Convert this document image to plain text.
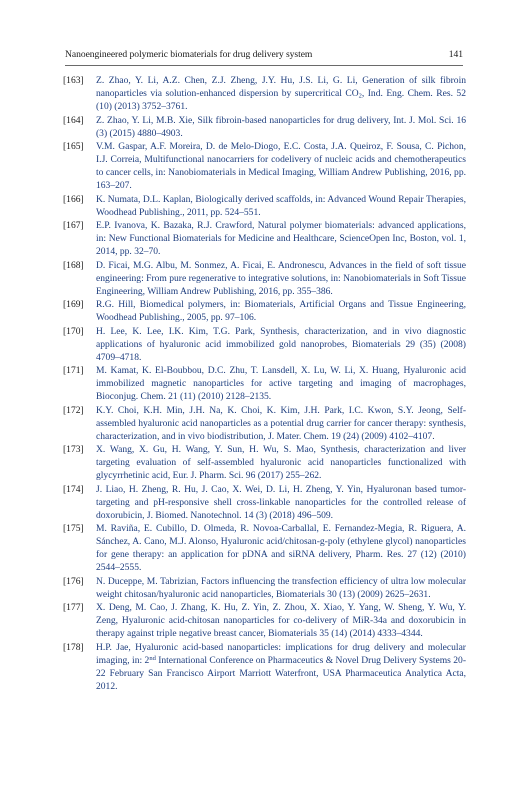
Nanoengineered polymeric biomaterials for drug delivery system	141
[163]	Z. Zhao, Y. Li, A.Z. Chen, Z.J. Zheng, J.Y. Hu, J.S. Li, G. Li, Generation of silk fibroin nanoparticles via solution-enhanced dispersion by supercritical $CO_2$, Ind. Eng. Chem. Res. 52 (10) (2013) 3752–3761.
[164]	Z. Zhao, Y. Li, M.B. Xie, Silk fibroin-based nanoparticles for drug delivery, Int. J. Mol. Sci. 16 (3) (2015) 4880–4903.
[165]	V.M. Gaspar, A.F. Moreira, D. de Melo-Diogo, E.C. Costa, J.A. Queiroz, F. Sousa, C. Pichon, I.J. Correia, Multifunctional nanocarriers for codelivery of nucleic acids and chemotherapeutics to cancer cells, in: Nanobiomaterials in Medical Imaging, William Andrew Publishing, 2016, pp. 163–207.
[166]	K. Numata, D.L. Kaplan, Biologically derived scaffolds, in: Advanced Wound Repair Therapies, Woodhead Publishing., 2011, pp. 524–551.
[167]	E.P. Ivanova, K. Bazaka, R.J. Crawford, Natural polymer biomaterials: advanced applications, in: New Functional Biomaterials for Medicine and Healthcare, ScienceOpen Inc, Boston, vol. 1, 2014, pp. 32–70.
[168]	D. Ficai, M.G. Albu, M. Sonmez, A. Ficai, E. Andronescu, Advances in the field of soft tissue engineering: From pure regenerative to integrative solutions, in: Nanobiomaterials in Soft Tissue Engineering, William Andrew Publishing, 2016, pp. 355–386.
[169]	R.G. Hill, Biomedical polymers, in: Biomaterials, Artificial Organs and Tissue Engineering, Woodhead Publishing., 2005, pp. 97–106.
[170]	H. Lee, K. Lee, I.K. Kim, T.G. Park, Synthesis, characterization, and in vivo diagnostic applications of hyaluronic acid immobilized gold nanoprobes, Biomaterials 29 (35) (2008) 4709–4718.
[171]	M. Kamat, K. El-Boubbou, D.C. Zhu, T. Lansdell, X. Lu, W. Li, X. Huang, Hyaluronic acid immobilized magnetic nanoparticles for active targeting and imaging of macrophages, Bioconjug. Chem. 21 (11) (2010) 2128–2135.
[172]	K.Y. Choi, K.H. Min, J.H. Na, K. Choi, K. Kim, J.H. Park, I.C. Kwon, S.Y. Jeong, Self-assembled hyaluronic acid nanoparticles as a potential drug carrier for cancer therapy: synthesis, characterization, and in vivo biodistribution, J. Mater. Chem. 19 (24) (2009) 4102–4107.
[173]	X. Wang, X. Gu, H. Wang, Y. Sun, H. Wu, S. Mao, Synthesis, characterization and liver targeting evaluation of self-assembled hyaluronic acid nanoparticles functionalized with glycyrrhetinic acid, Eur. J. Pharm. Sci. 96 (2017) 255–262.
[174]	J. Liao, H. Zheng, R. Hu, J. Cao, X. Wei, D. Li, H. Zheng, Y. Yin, Hyaluronan based tumor-targeting and pH-responsive shell cross-linkable nanoparticles for the controlled release of doxorubicin, J. Biomed. Nanotechnol. 14 (3) (2018) 496–509.
[175]	M. Raviña, E. Cubillo, D. Olmeda, R. Novoa-Carballal, E. Fernandez-Megia, R. Riguera, A. Sánchez, A. Cano, M.J. Alonso, Hyaluronic acid/chitosan-g-poly (ethylene glycol) nanoparticles for gene therapy: an application for pDNA and siRNA delivery, Pharm. Res. 27 (12) (2010) 2544–2555.
[176]	N. Duceppe, M. Tabrizian, Factors influencing the transfection efficiency of ultra low molecular weight chitosan/hyaluronic acid nanoparticles, Biomaterials 30 (13) (2009) 2625–2631.
[177]	X. Deng, M. Cao, J. Zhang, K. Hu, Z. Yin, Z. Zhou, X. Xiao, Y. Yang, W. Sheng, Y. Wu, Y. Zeng, Hyaluronic acid-chitosan nanoparticles for co-delivery of MiR-34a and doxorubicin in therapy against triple negative breast cancer, Biomaterials 35 (14) (2014) 4333–4344.
[178]	H.P. Jae, Hyaluronic acid-based nanoparticles: implications for drug delivery and molecular imaging, in: 2nd International Conference on Pharmaceutics & Novel Drug Delivery Systems 20-22 February San Francisco Airport Marriott Waterfront, USA Pharmaceutica Analytica Acta, 2012.
